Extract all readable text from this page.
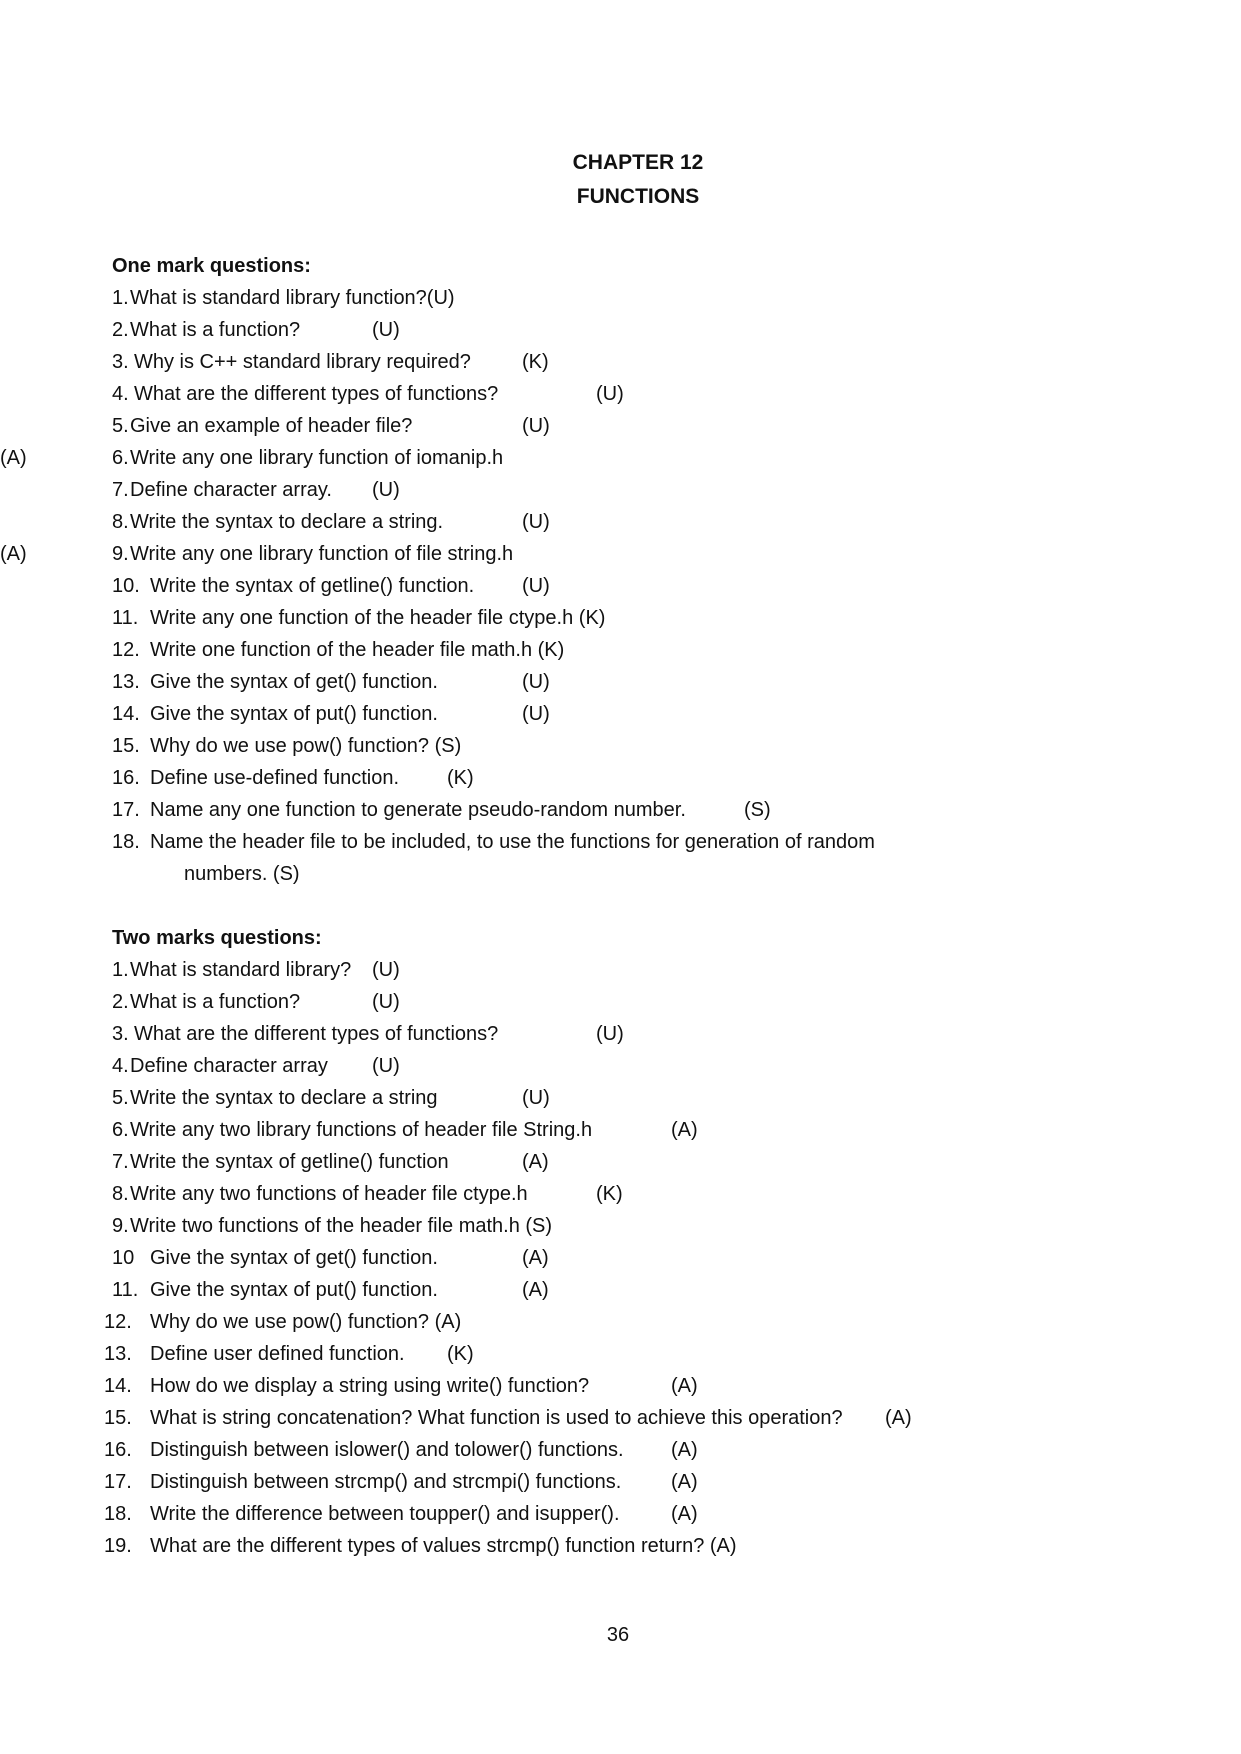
CHAPTER 12
FUNCTIONS
One mark questions:
1. What is standard library function?(U)
2. What is a function?	(U)
3. Why is C++ standard library required?	(K)
4. What are the different types of functions?	(U)
5. Give an example of header file?	(U)
6. Write any one library function of iomanip.h
(A)
7. Define character array. (U)
8. Write the syntax to declare a string.	(U)
9. Write any one library function of file string.h
(A)
10. Write the syntax of getline() function. (U)
11. Write any one function of the header file ctype.h (K)
12. Write one function of the header file math.h (K)
13. Give the syntax of get() function.	(U)
14. Give the syntax of put() function.	(U)
15. Why do we use pow() function? (S)
16. Define use-defined function. (K)
17. Name any one function to generate pseudo-random number.	(S)
18. Name the header file to be included, to use the functions for generation of random
numbers. (S)
Two marks questions:
1. What is standard library? (U)
2. What is a function?	(U)
3. What are the different types of functions?	(U)
4. Define character array (U)
5. Write the syntax to declare a string	(U)
6. Write any two library functions of header file String.h	(A)
7. Write the syntax of getline() function	(A)
8. Write any two functions of header file ctype.h	(K)
9. Write two functions of the header file math.h (S)
10 Give the syntax of get() function.	(A)
11. Give the syntax of put() function.	(A)
12. Why do we use pow() function? (A)
13. Define user defined function. (K)
14. How do we display a string using write() function?	(A)
15. What is string concatenation? What function is used to achieve this operation? (A)
16. Distinguish between islower() and tolower() functions. (A)
17. Distinguish between strcmp() and strcmpi() functions. (A)
18. Write the difference between toupper() and isupper().	(A)
19. What are the different types of values strcmp() function return? (A)
36
